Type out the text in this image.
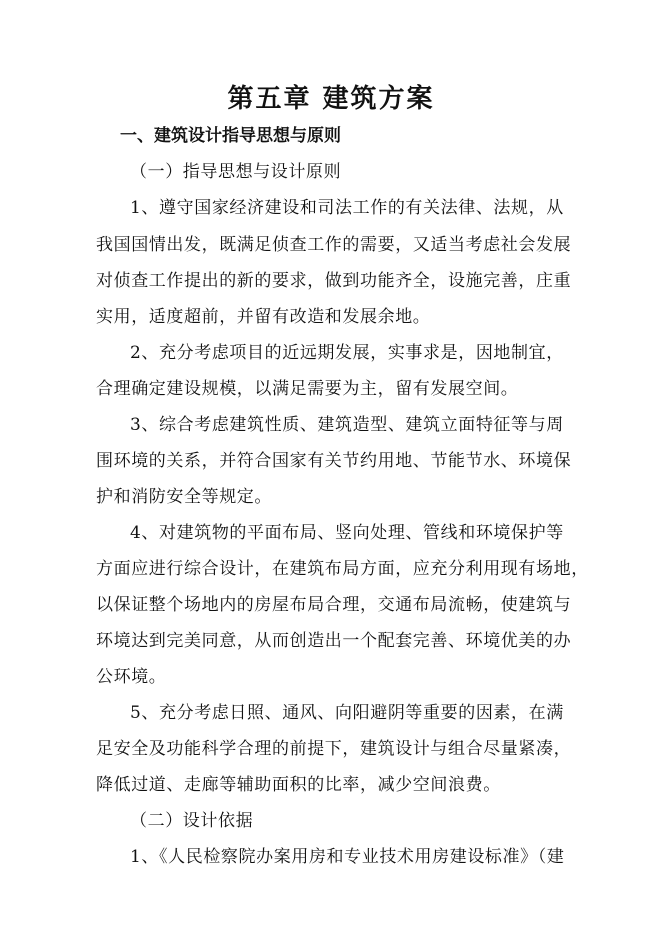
第五章 建筑方案
一、建筑设计指导思想与原则
（一）指导思想与设计原则
1、遵守国家经济建设和司法工作的有关法律、法规，从
我国国情出发，既满足侦查工作的需要，又适当考虑社会发展
对侦查工作提出的新的要求，做到功能齐全，设施完善，庄重
实用，适度超前，并留有改造和发展余地。
2、充分考虑项目的近远期发展，实事求是，因地制宜，
合理确定建设规模，以满足需要为主，留有发展空间。
3、综合考虑建筑性质、建筑造型、建筑立面特征等与周
围环境的关系，并符合国家有关节约用地、节能节水、环境保
护和消防安全等规定。
4、对建筑物的平面布局、竖向处理、管线和环境保护等
方面应进行综合设计，在建筑布局方面，应充分利用现有场地，
以保证整个场地内的房屋布局合理，交通布局流畅，使建筑与
环境达到完美同意，从而创造出一个配套完善、环境优美的办
公环境。
5、充分考虑日照、通风、向阳避阴等重要的因素，在满
足安全及功能科学合理的前提下，建筑设计与组合尽量紧凑，
降低过道、走廊等辅助面积的比率，减少空间浪费。
（二）设计依据
1、《人民检察院办案用房和专业技术用房建设标准》（建
